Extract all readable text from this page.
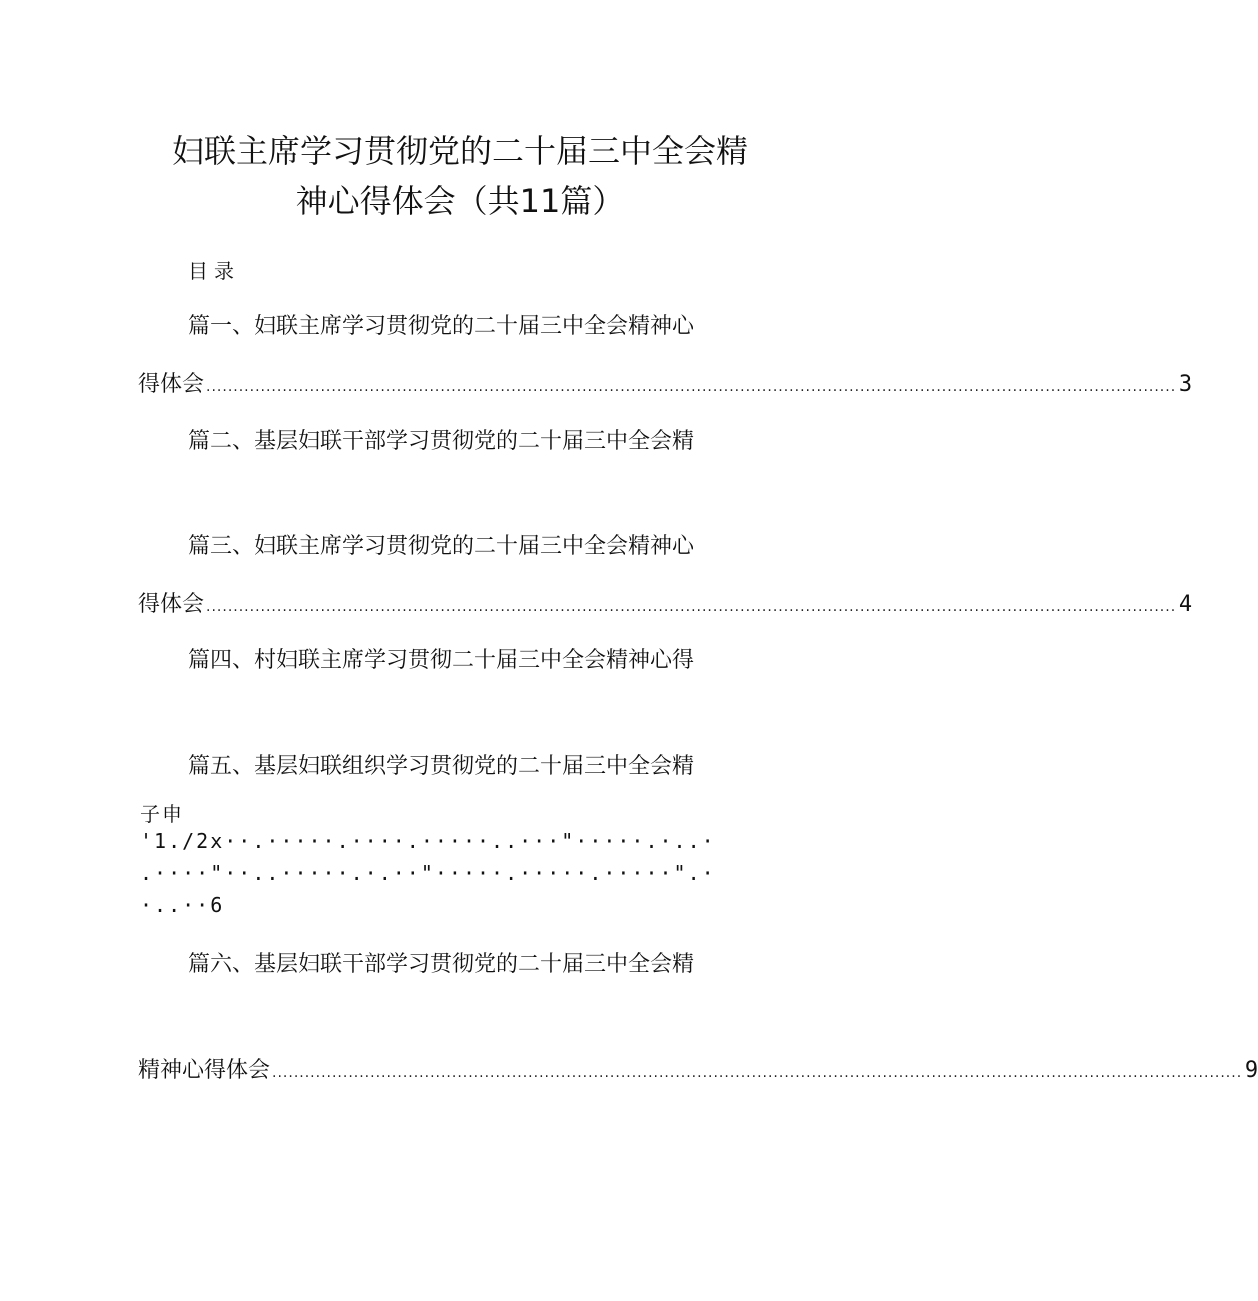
妇联主席学习贯彻党的二十届三中全会精
神心得体会（共11篇）
目录
篇一、妇联主席学习贯彻党的二十届三中全会精神心
得体会 .................................................................................................................................................................................. 3
篇二、基层妇联干部学习贯彻党的二十届三中全会精
篇三、妇联主席学习贯彻党的二十届三中全会精神心
得体会 .................................................................................................................................................................................. 4
篇四、村妇联主席学习贯彻二十届三中全会精神心得
篇五、基层妇联组织学习贯彻党的二十届三中全会精
子申
'1./2x··.·····.····.·····..···"·····.·..·
.····"··..·····.·.··"·····.·····.·····".·
·..··6
篇六、基层妇联干部学习贯彻党的二十届三中全会精
精神心得体会 .................................................................................................................................................................................. 9
